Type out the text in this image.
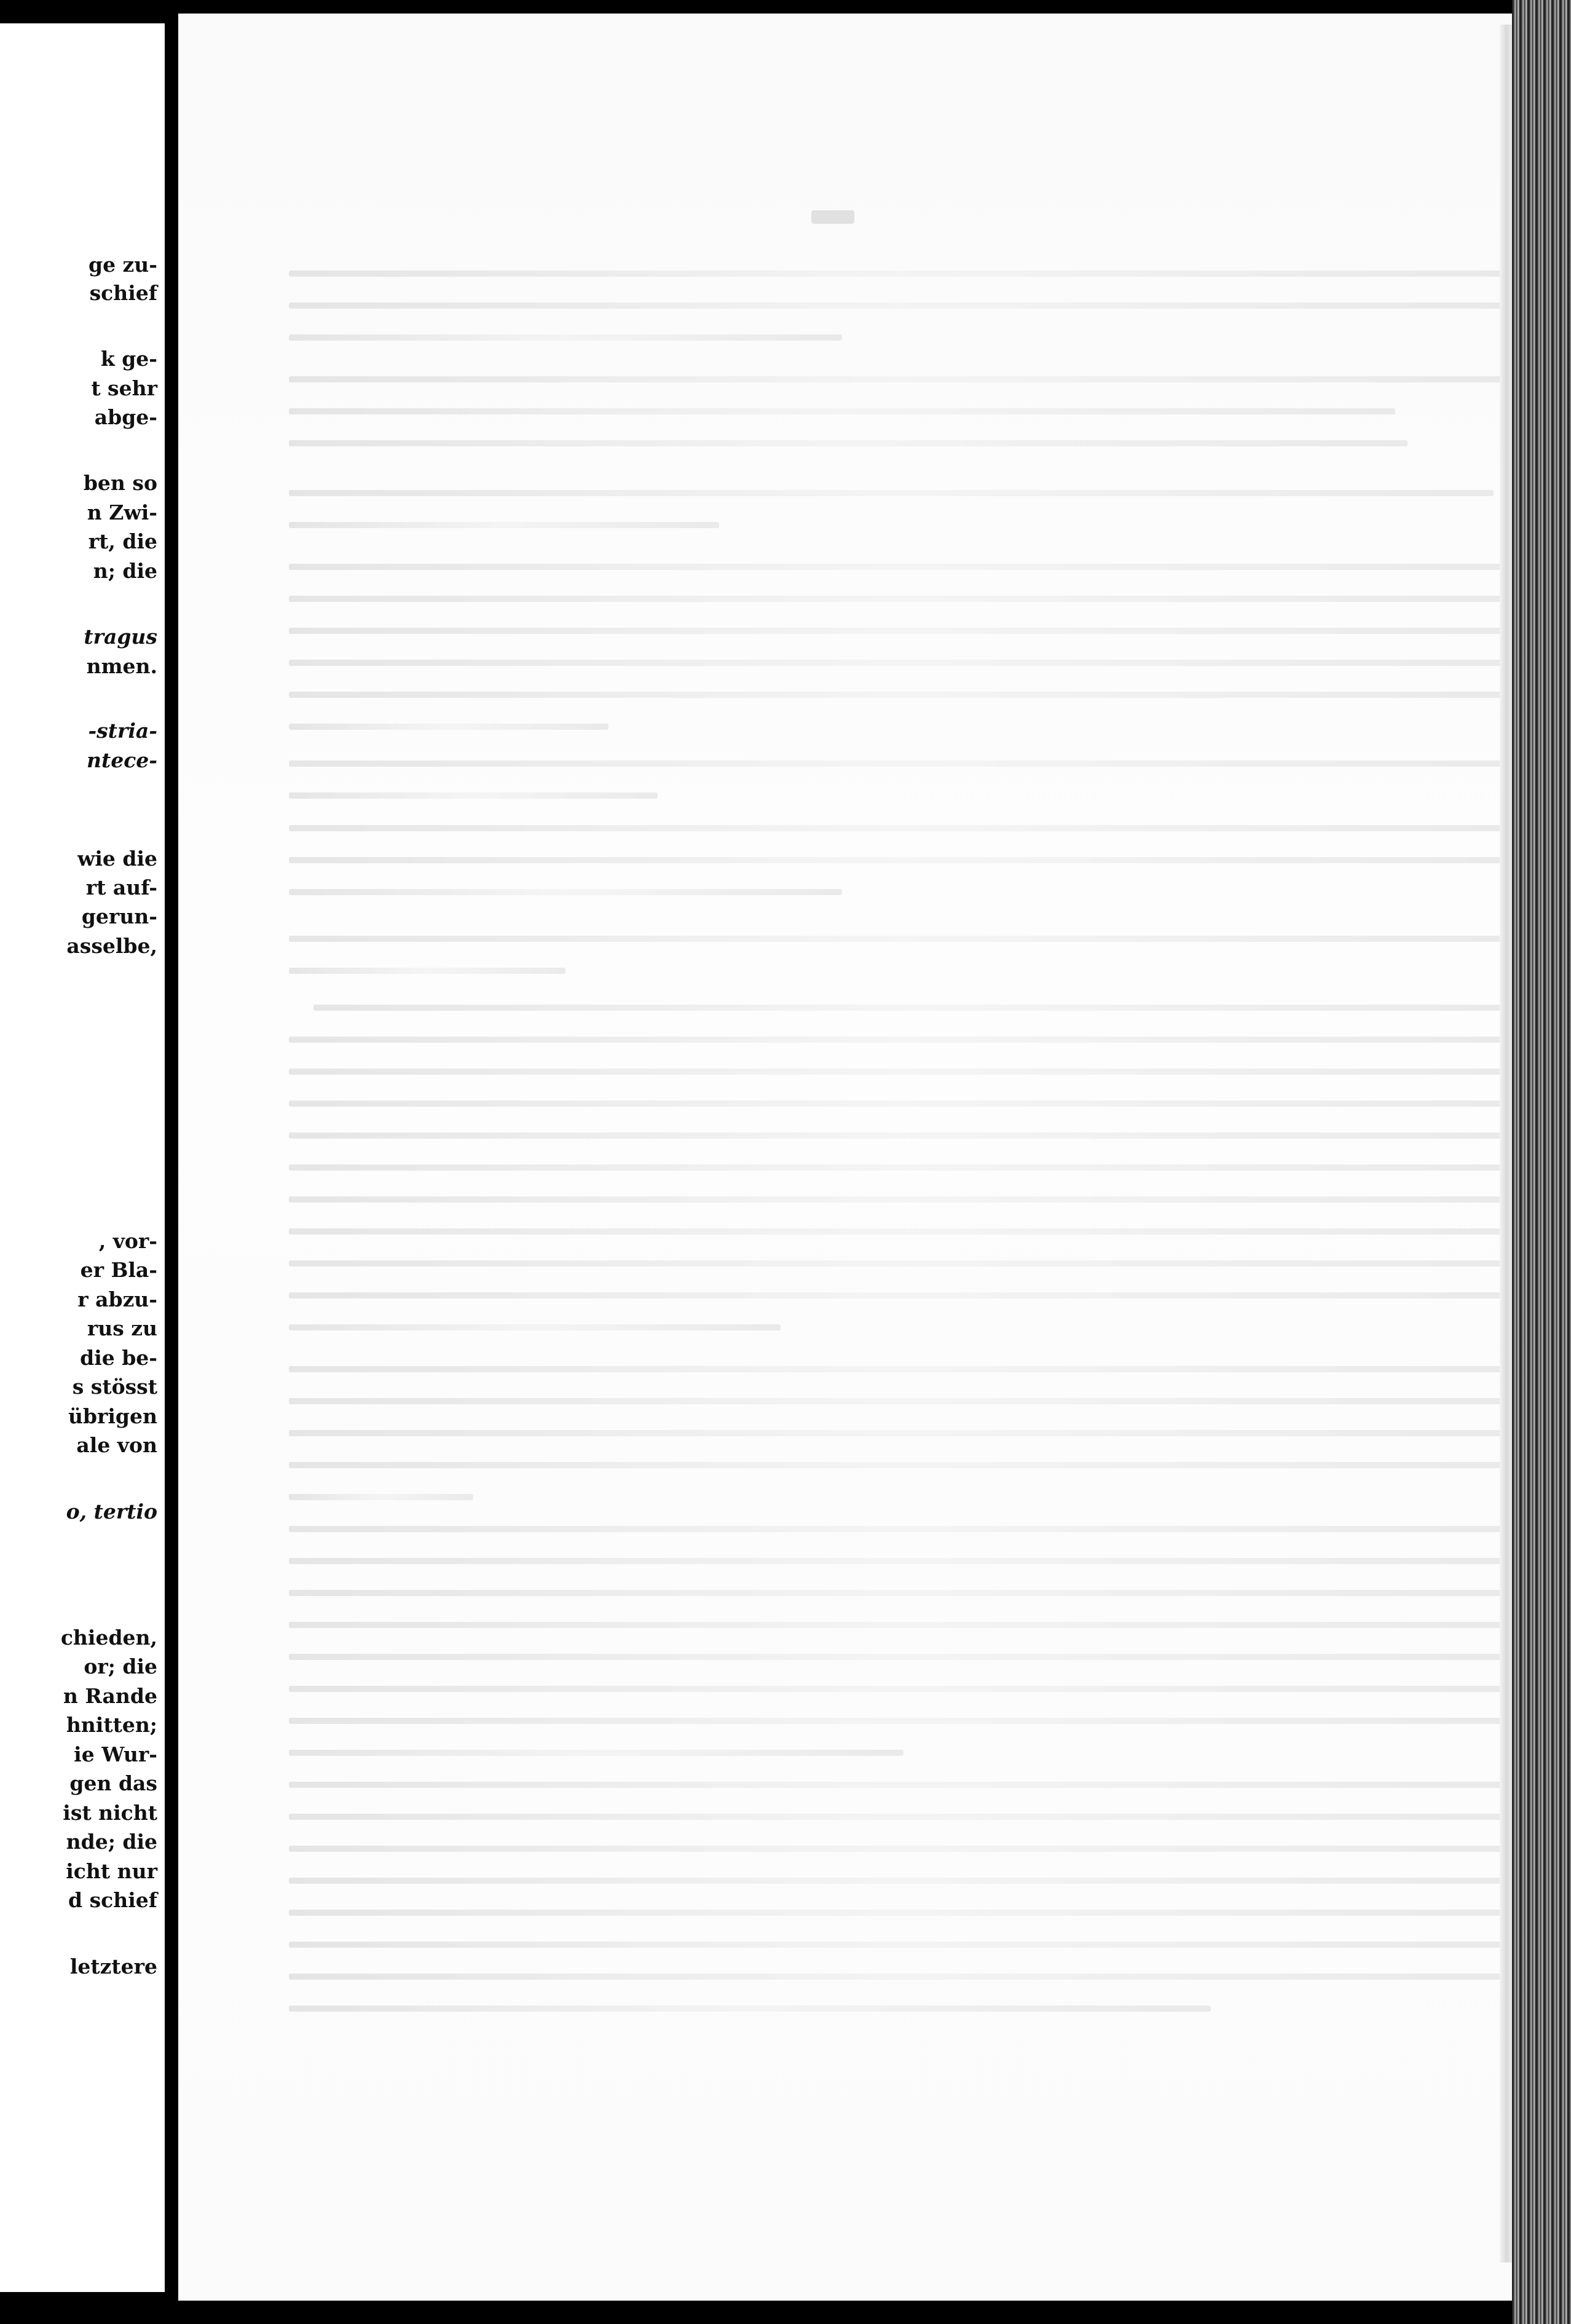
ge zu-

schief

k ge-

t sehr

abge-

ben so

n Zwi-

rt, die

n; die

tragus

nmen.

-stria-

ntece-

wie die

rt auf-

gerun-

asselbe,

, vor-

er Bla-

r abzu-

rus zu

die be-

s stösst

übrigen

ale von

o, tertio

chieden,

or; die

n Rande

hnitten;

ie Wur-

gen das

ist nicht

nde; die

icht nur

d schief

letztere
